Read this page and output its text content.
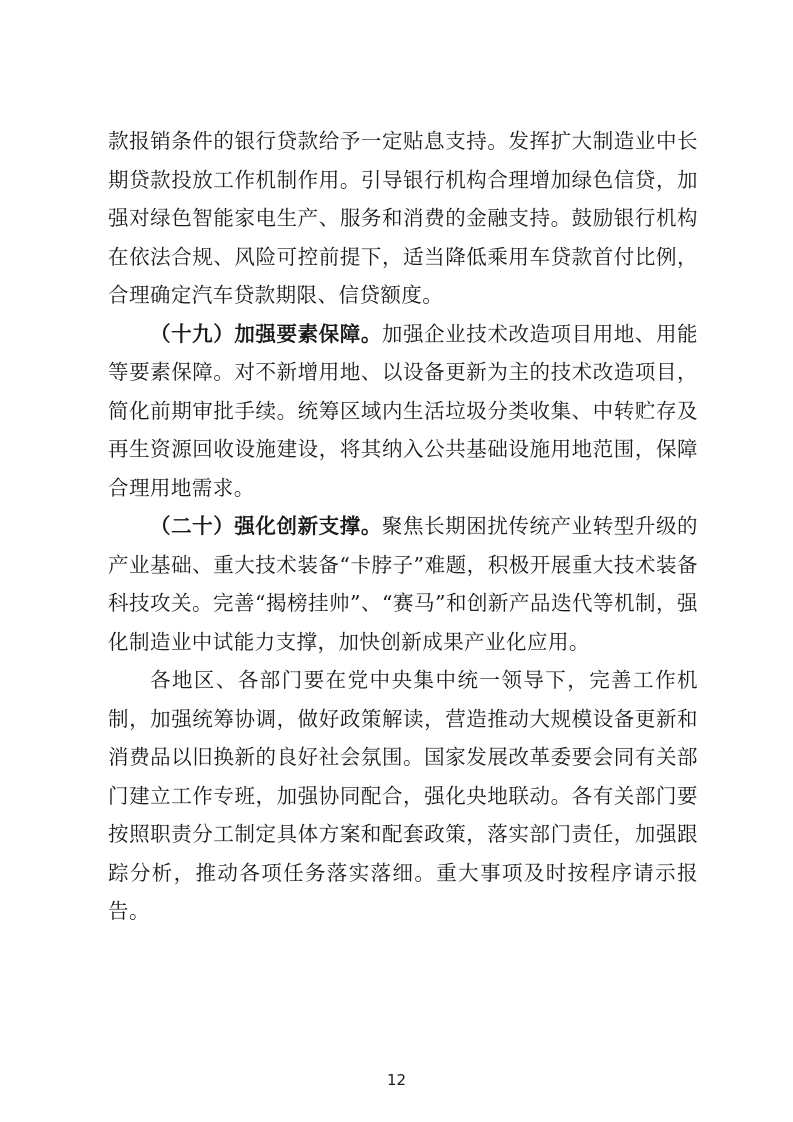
款报销条件的银行贷款给予一定贴息支持。发挥扩大制造业中长期贷款投放工作机制作用。引导银行机构合理增加绿色信贷，加强对绿色智能家电生产、服务和消费的金融支持。鼓励银行机构在依法合规、风险可控前提下，适当降低乘用车贷款首付比例，合理确定汽车贷款期限、信贷额度。

（十九）加强要素保障。加强企业技术改造项目用地、用能等要素保障。对不新增用地、以设备更新为主的技术改造项目，简化前期审批手续。统筹区域内生活垃圾分类收集、中转贮存及再生资源回收设施建设，将其纳入公共基础设施用地范围，保障合理用地需求。

（二十）强化创新支撑。聚焦长期困扰传统产业转型升级的产业基础、重大技术装备“卡脖子”难题，积极开展重大技术装备科技攻关。完善“揭榜挂帅”、“赛马”和创新产品迭代等机制，强化制造业中试能力支撑，加快创新成果产业化应用。

各地区、各部门要在党中央集中统一领导下，完善工作机制，加强统筹协调，做好政策解读，营造推动大规模设备更新和消费品以旧换新的良好社会氛围。国家发展改革委要会同有关部门建立工作专班，加强协同配合，强化央地联动。各有关部门要按照职责分工制定具体方案和配套政策，落实部门责任，加强跟踪分析，推动各项任务落实落细。重大事项及时按程序请示报告。

12
